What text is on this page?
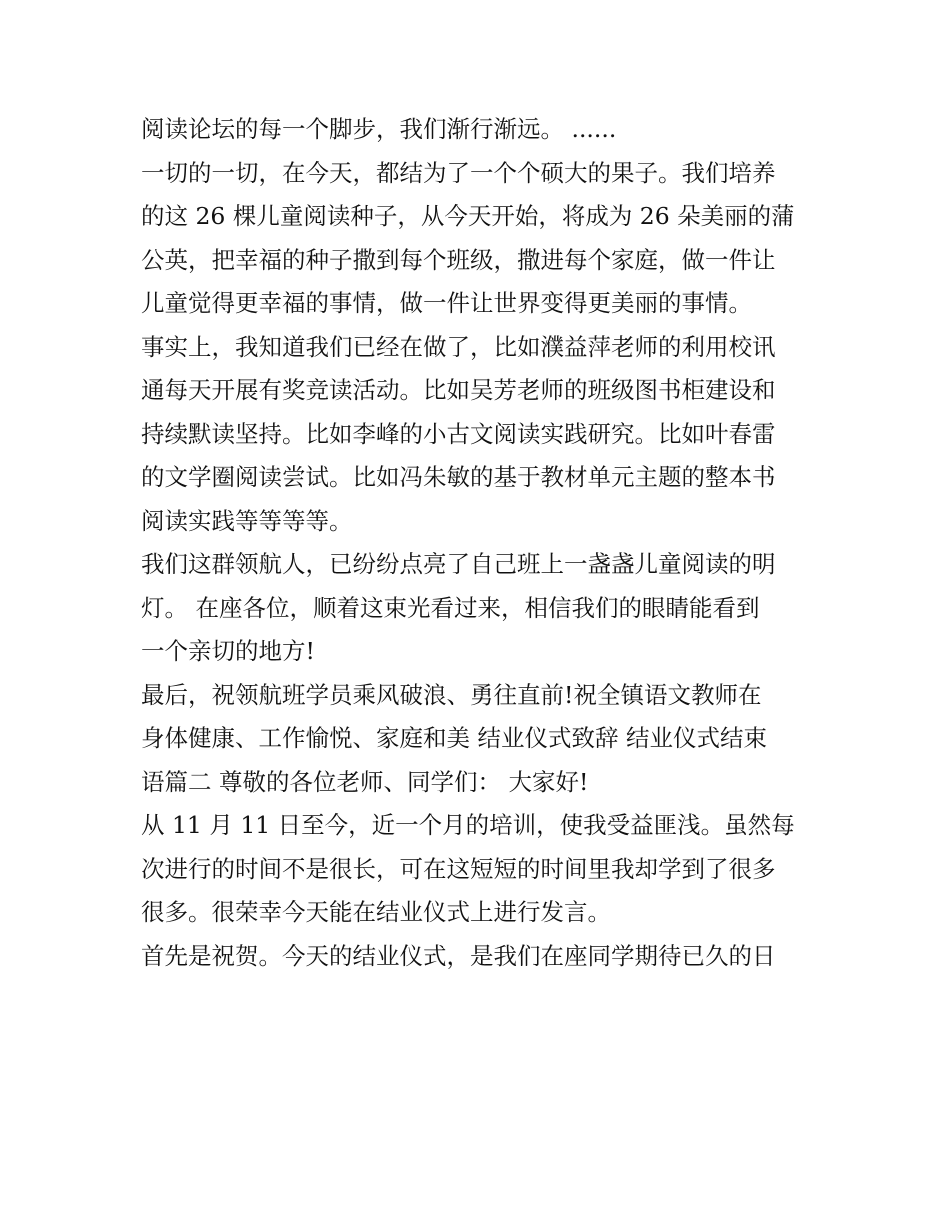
阅读论坛的每一个脚步，我们渐行渐远。 ......
一切的一切，在今天，都结为了一个个硕大的果子。我们培养
的这 26 棵儿童阅读种子，从今天开始，将成为 26 朵美丽的蒲
公英，把幸福的种子撒到每个班级，撒进每个家庭，做一件让
儿童觉得更幸福的事情，做一件让世界变得更美丽的事情。
事实上，我知道我们已经在做了，比如濮益萍老师的利用校讯
通每天开展有奖竞读活动。比如吴芳老师的班级图书柜建设和
持续默读坚持。比如李峰的小古文阅读实践研究。比如叶春雷
的文学圈阅读尝试。比如冯朱敏的基于教材单元主题的整本书
阅读实践等等等等。
我们这群领航人，已纷纷点亮了自己班上一盏盏儿童阅读的明
灯。 在座各位，顺着这束光看过来，相信我们的眼睛能看到
一个亲切的地方!
最后，祝领航班学员乘风破浪、勇往直前!祝全镇语文教师在
身体健康、工作愉悦、家庭和美 结业仪式致辞 结业仪式结束
语篇二 尊敬的各位老师、同学们： 大家好!
从 11 月 11 日至今，近一个月的培训，使我受益匪浅。虽然每
次进行的时间不是很长，可在这短短的时间里我却学到了很多
很多。很荣幸今天能在结业仪式上进行发言。
首先是祝贺。今天的结业仪式，是我们在座同学期待已久的日
